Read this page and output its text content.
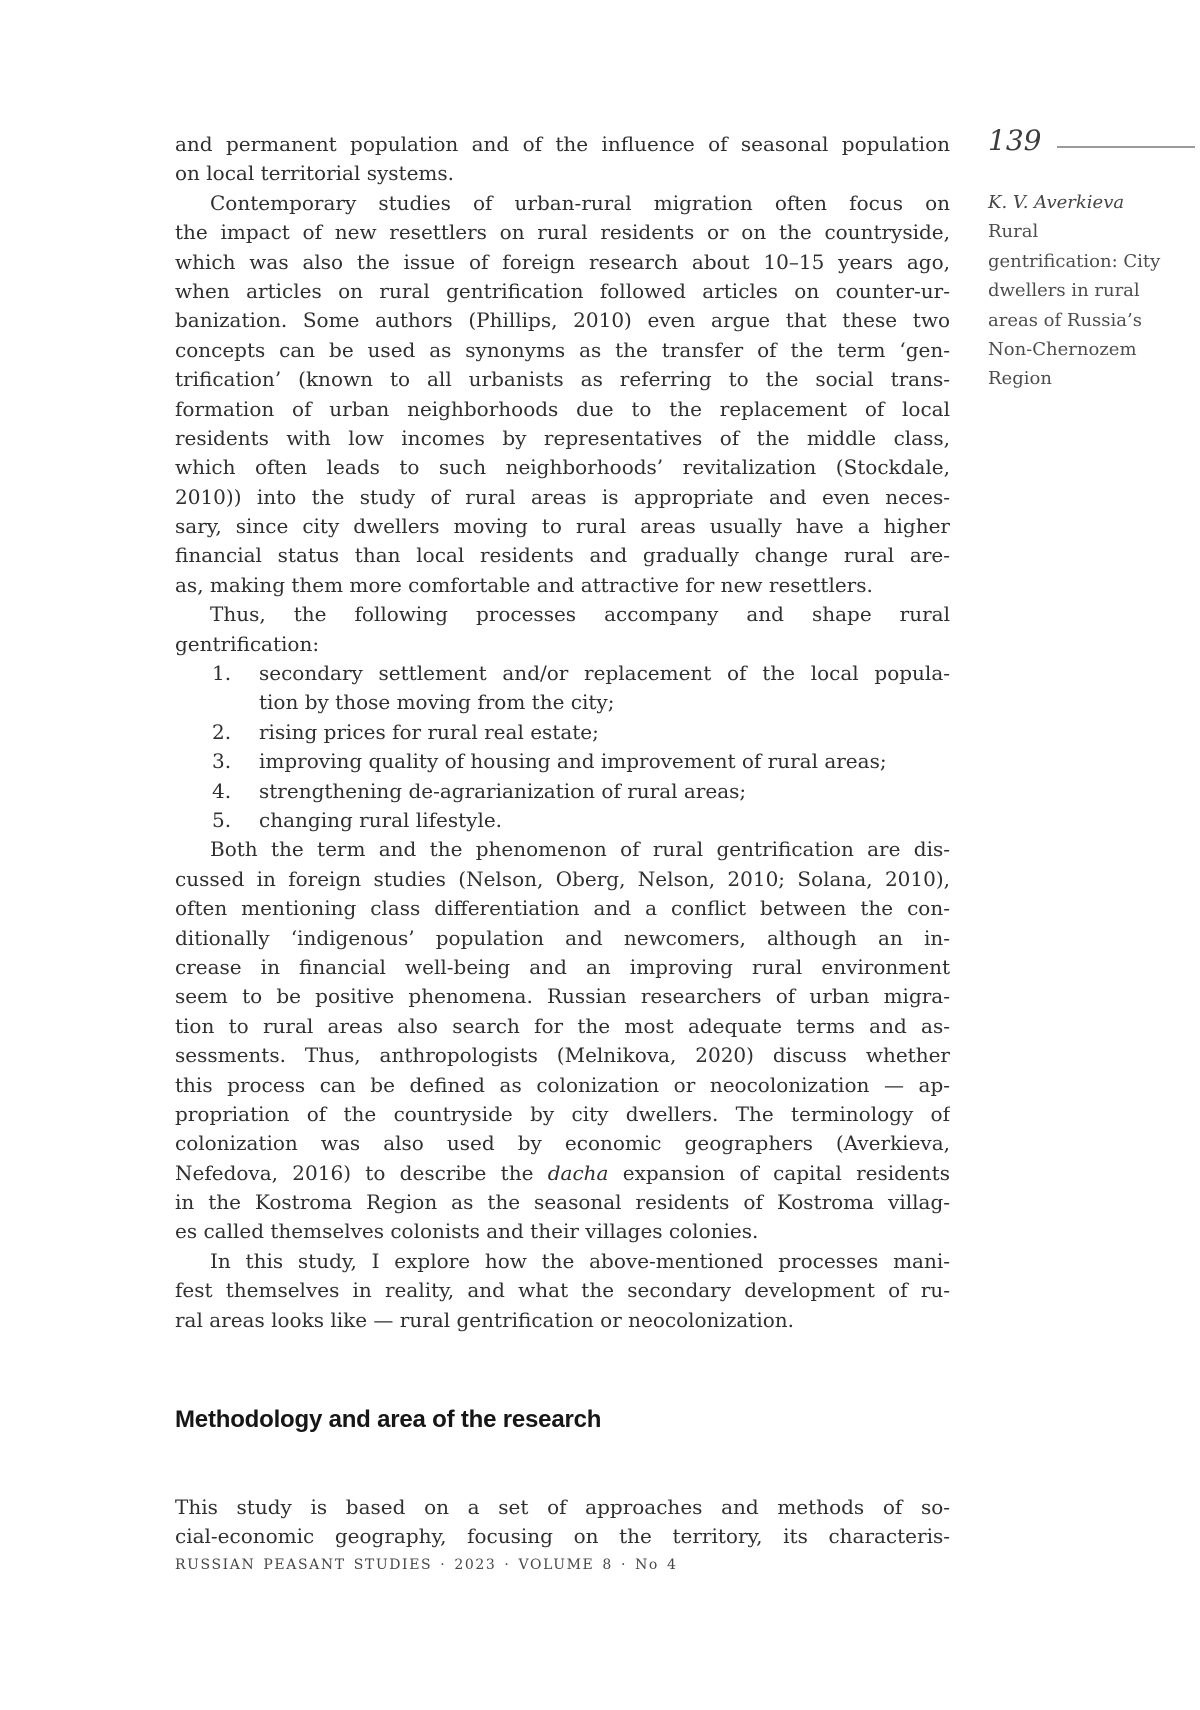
and permanent population and of the influence of seasonal population
on local territorial systems.
Contemporary studies of urban-rural migration often focus on
the impact of new resettlers on rural residents or on the countryside,
which was also the issue of foreign research about 10–15 years ago,
when articles on rural gentrification followed articles on counter-ur-
banization. Some authors (Phillips, 2010) even argue that these two
concepts can be used as synonyms as the transfer of the term ‘gen-
trification’ (known to all urbanists as referring to the social trans-
formation of urban neighborhoods due to the replacement of local
residents with low incomes by representatives of the middle class,
which often leads to such neighborhoods’ revitalization (Stockdale,
2010)) into the study of rural areas is appropriate and even neces-
sary, since city dwellers moving to rural areas usually have a higher
financial status than local residents and gradually change rural are-
as, making them more comfortable and attractive for new resettlers.
Thus, the following processes accompany and shape rural
gentrification:
1. secondary settlement and/or replacement of the local popula-
tion by those moving from the city;
2. rising prices for rural real estate;
3. improving quality of housing and improvement of rural areas;
4. strengthening de-agrarianization of rural areas;
5. changing rural lifestyle.
Both the term and the phenomenon of rural gentrification are dis-
cussed in foreign studies (Nelson, Oberg, Nelson, 2010; Solana, 2010),
often mentioning class differentiation and a conflict between the con-
ditionally ‘indigenous’ population and newcomers, although an in-
crease in financial well-being and an improving rural environment
seem to be positive phenomena. Russian researchers of urban migra-
tion to rural areas also search for the most adequate terms and as-
sessments. Thus, anthropologists (Melnikova, 2020) discuss whether
this process can be defined as colonization or neocolonization — ap-
propriation of the countryside by city dwellers. The terminology of
colonization was also used by economic geographers (Averkieva,
Nefedova, 2016) to describe the dacha expansion of capital residents
in the Kostroma Region as the seasonal residents of Kostroma villag-
es called themselves colonists and their villages colonies.
In this study, I explore how the above-mentioned processes mani-
fest themselves in reality, and what the secondary development of ru-
ral areas looks like — rural gentrification or neocolonization.
Methodology and area of the research
This study is based on a set of approaches and methods of so-
cial-economic geography, focusing on the territory, its characteris-
139
K. V. Averkieva
Rural
gentrification: City
dwellers in rural
areas of Russia’s
Non-Chernozem
Region
RUSSIAN PEASANT STUDIES · 2023 · VOLUME 8 · No 4
